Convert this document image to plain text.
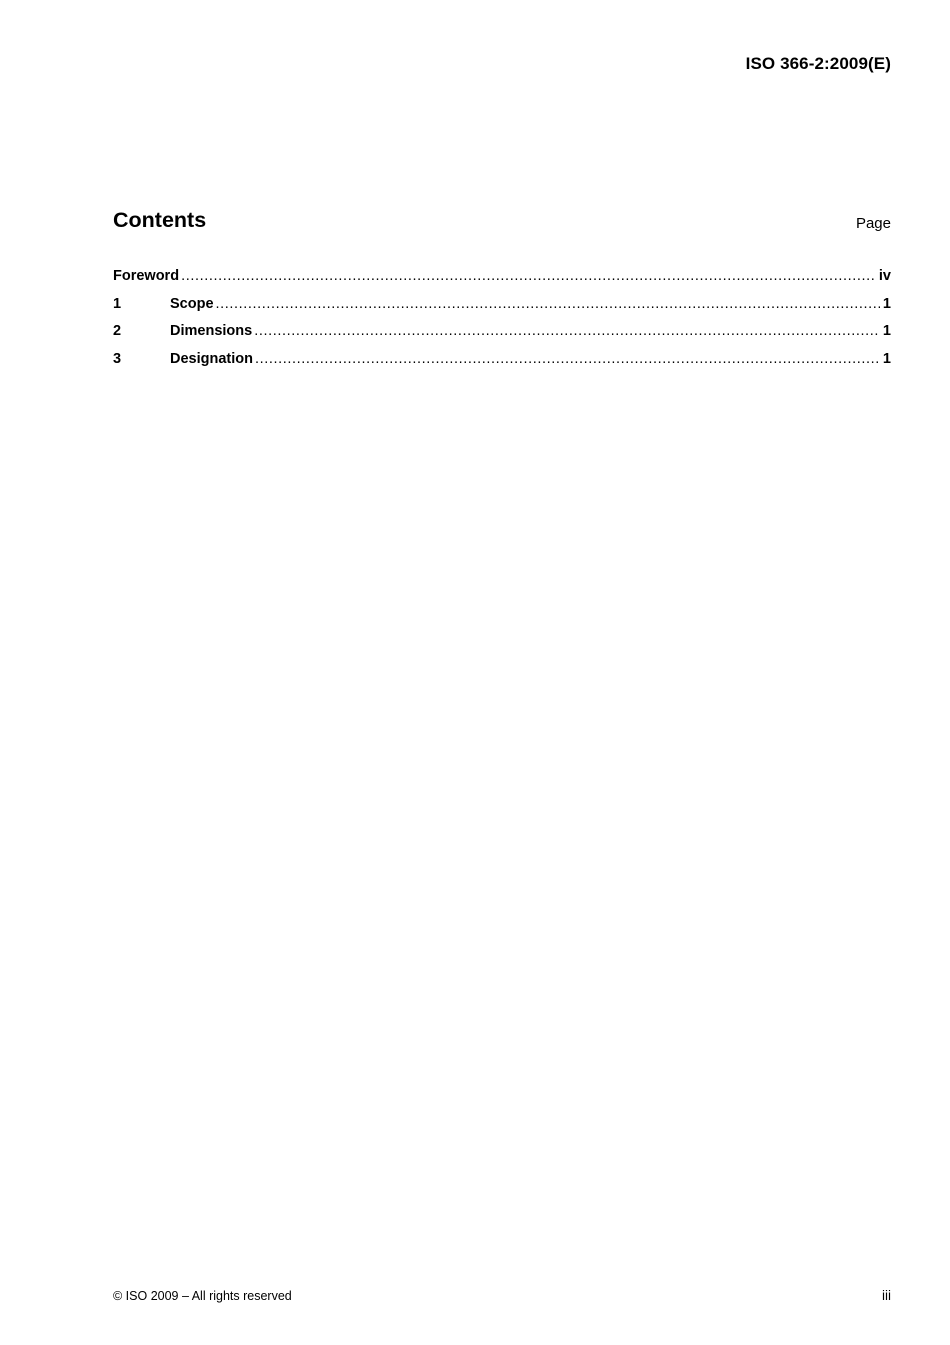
ISO 366-2:2009(E)
Contents	Page
Foreword .....	iv
1	Scope .....	1
2	Dimensions .....	1
3	Designation .....	1
© ISO 2009 – All rights reserved	iii
